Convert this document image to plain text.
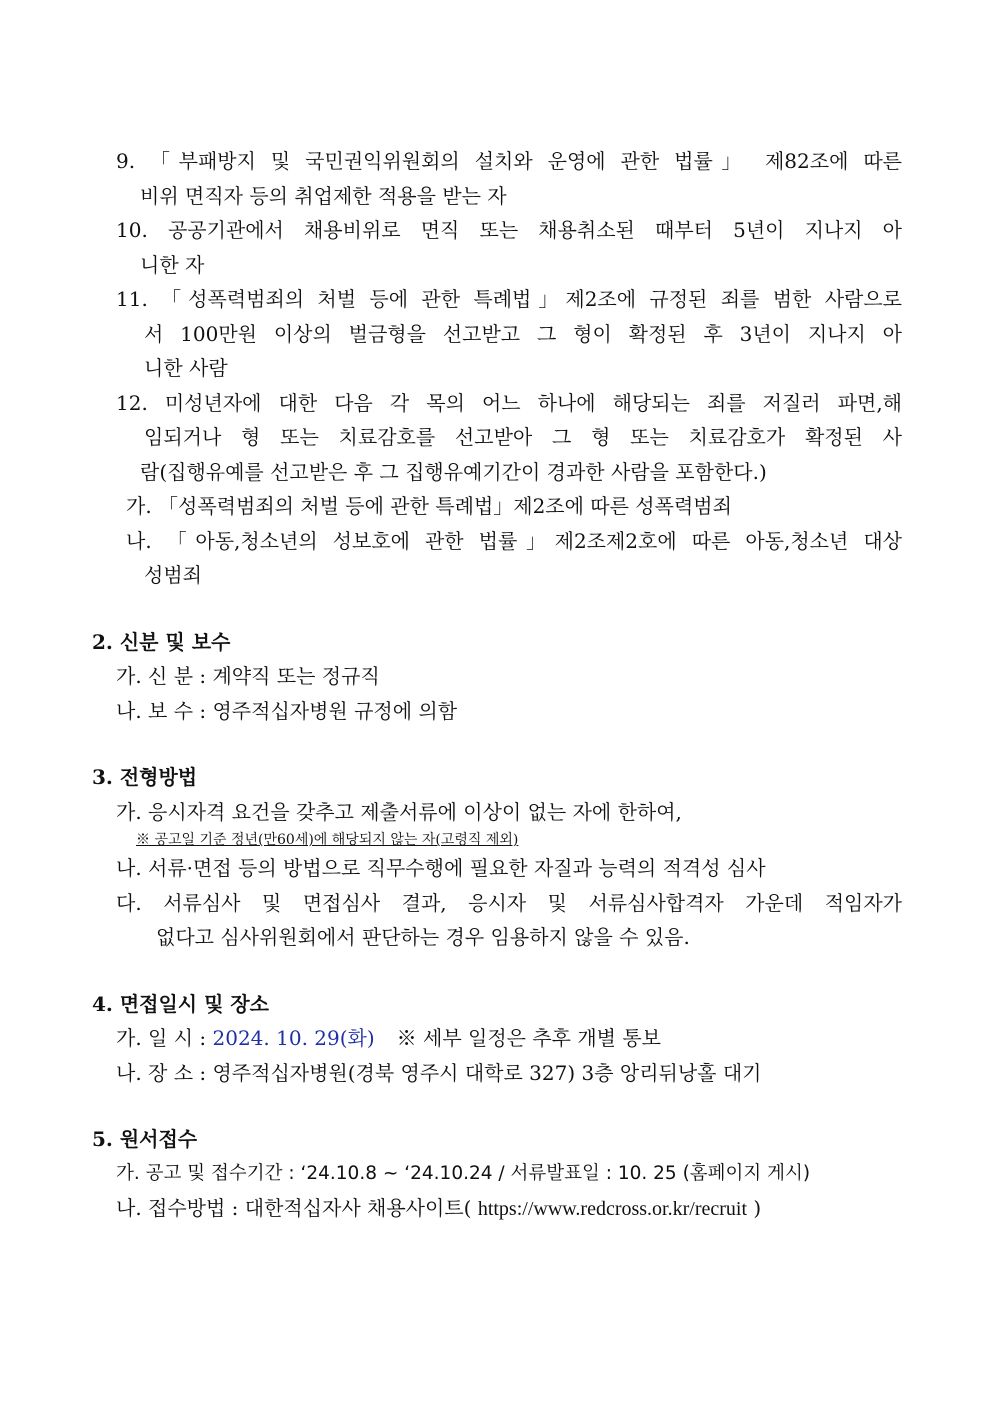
9. 「부패방지 및 국민권익위원회의 설치와 운영에 관한 법률」 제82조에 따른
비위 면직자 등의 취업제한 적용을 받는 자
10. 공공기관에서 채용비위로 면직 또는 채용취소된 때부터 5년이 지나지 아
니한 자
11. 「성폭력범죄의 처벌 등에 관한 특례법」제2조에 규정된 죄를 범한 사람으로
서 100만원 이상의 벌금형을 선고받고 그 형이 확정된 후 3년이 지나지 아
니한 사람
12. 미성년자에 대한 다음 각 목의 어느 하나에 해당되는 죄를 저질러 파면,해
임되거나 형 또는 치료감호를 선고받아 그 형 또는 치료감호가 확정된 사
람(집행유예를 선고받은 후 그 집행유예기간이 경과한 사람을 포함한다.)
가. 「성폭력범죄의 처벌 등에 관한 특례법」제2조에 따른 성폭력범죄
나. 「아동,청소년의 성보호에 관한 법률」제2조제2호에 따른 아동,청소년 대상
성범죄
2. 신분 및 보수
가. 신 분 : 계약직 또는 정규직
나. 보 수 : 영주적십자병원 규정에 의함
3. 전형방법
가. 응시자격 요건을 갖추고 제출서류에 이상이 없는 자에 한하여,
※ 공고일 기준 정년(만60세)에 해당되지 않는 자(고령직 제외)
나. 서류·면접 등의 방법으로 직무수행에 필요한 자질과 능력의 적격성 심사
다. 서류심사 및 면접심사 결과, 응시자 및 서류심사합격자 가운데 적임자가
없다고 심사위원회에서 판단하는 경우 임용하지 않을 수 있음.
4. 면접일시 및 장소
가. 일 시 : 2024. 10. 29(화) ※ 세부 일정은 추후 개별 통보
나. 장 소 : 영주적십자병원(경북 영주시 대학로 327) 3층 앙리뒤낭홀 대기
5. 원서접수
가. 공고 및 접수기간 : ‘24.10.8 ~ ‘24.10.24 / 서류발표일 : 10. 25 (홈페이지 게시)
나. 접수방법 : 대한적십자사 채용사이트( https://www.redcross.or.kr/recruit )
